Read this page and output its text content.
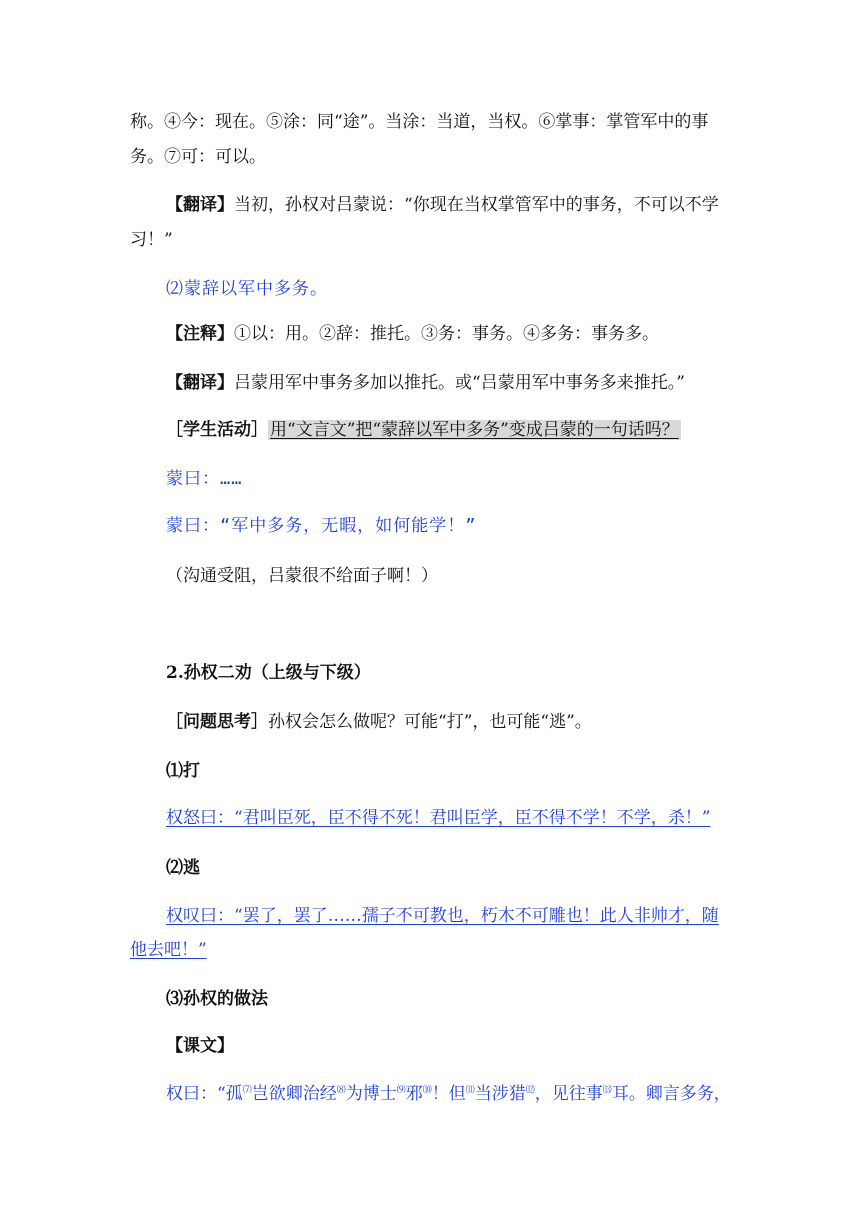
称。④今：现在。⑤涂：同“途”。当涂：当道，当权。⑥掌事：掌管军中的事
务。⑦可：可以。
【翻译】当初，孙权对吕蒙说：“你现在当权掌管军中的事务，不可以不学
习！”
⑵蒙辞以军中多务。
【注释】①以：用。②辞：推托。③务：事务。④多务：事务多。
【翻译】吕蒙用军中事务多加以推托。或“吕蒙用军中事务多来推托。”
［学生活动］ 用“文言文”把“蒙辞以军中多务”变成吕蒙的一句话吗？
蒙曰：……
蒙曰：“军中多务，无暇，如何能学！”
（沟通受阻，吕蒙很不给面子啊！）
2.孙权二劝（上级与下级）
［问题思考］孙权会怎么做呢？可能“打”，也可能“逃”。
⑴打
权怒曰：“君叫臣死，臣不得不死！君叫臣学，臣不得不学！不学，杀！”
⑵逃
权叹曰：“罢了，罢了……孺子不可教也，朽木不可雕也！此人非帅才，随
他去吧！”
⑶孙权的做法
【课文】
权曰：“孤⑺岂欲卿治经⑻为博士⑼邪⑽！但⑾当涉猎⑿，见往事⒀耳。卿言多务，
